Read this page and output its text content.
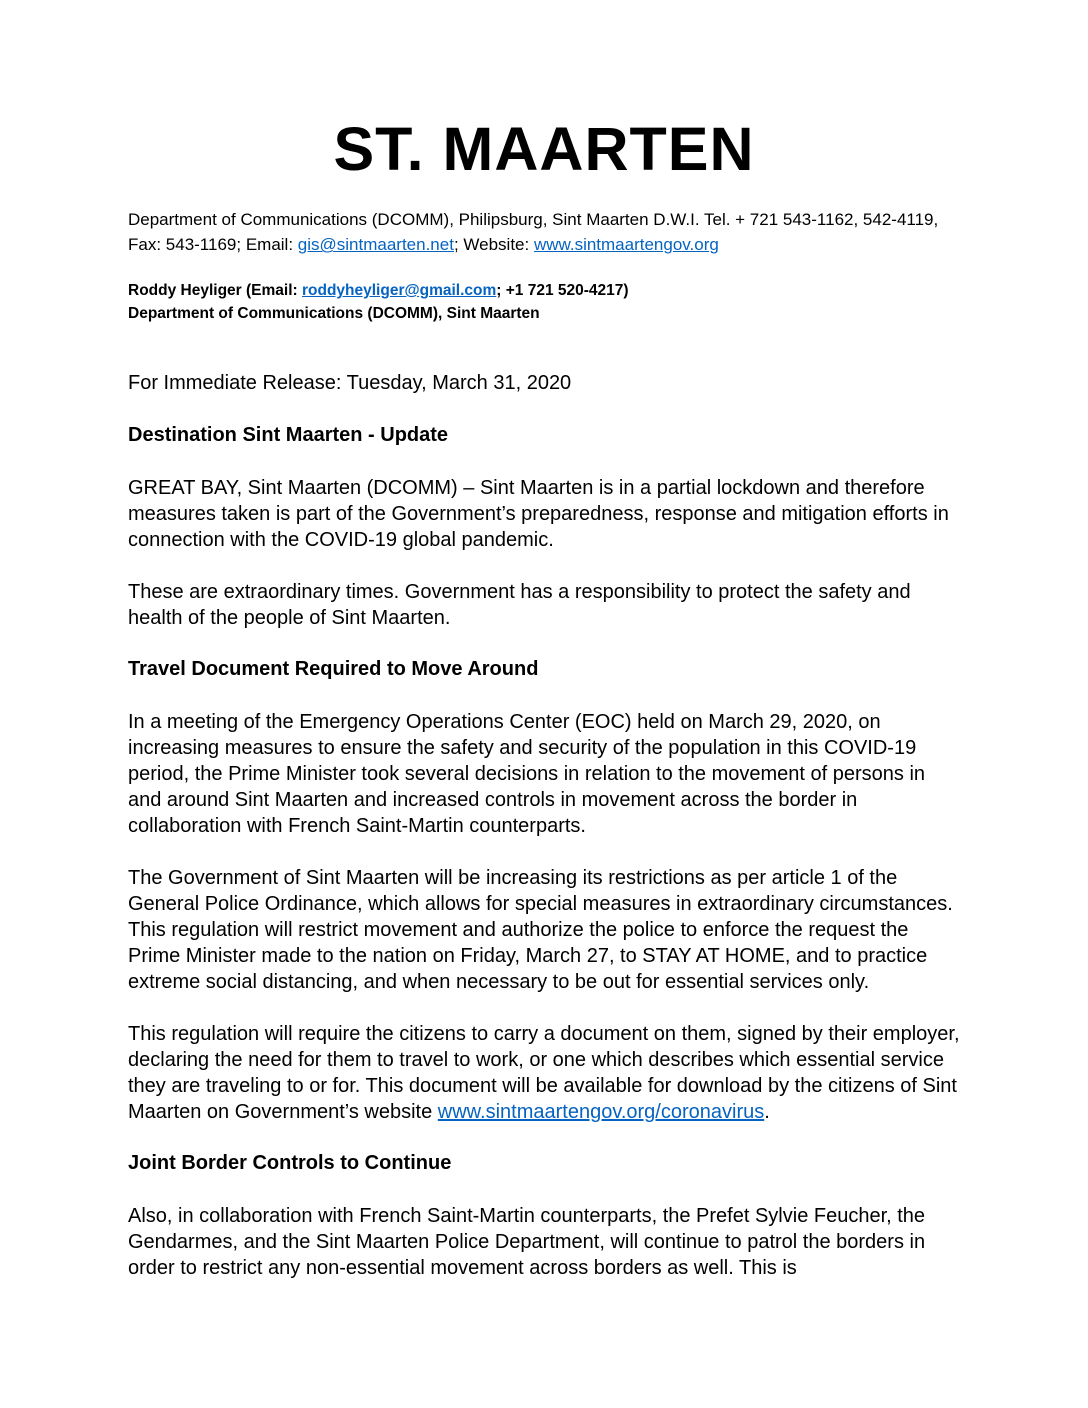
ST. MAARTEN

Department of Communications (DCOMM), Philipsburg, Sint Maarten D.W.I. Tel. + 721 543-1162, 542-4119, Fax: 543-1169; Email: gis@sintmaarten.net; Website: www.sintmaartengov.org

Roddy Heyliger (Email: roddyheyliger@gmail.com; +1 721 520-4217)
Department of Communications (DCOMM), Sint Maarten

For Immediate Release: Tuesday, March 31, 2020

Destination Sint Maarten - Update

GREAT BAY, Sint Maarten (DCOMM) – Sint Maarten is in a partial lockdown and therefore measures taken is part of the Government’s preparedness, response and mitigation efforts in connection with the COVID-19 global pandemic.

These are extraordinary times. Government has a responsibility to protect the safety and health of the people of Sint Maarten.

Travel Document Required to Move Around

In a meeting of the Emergency Operations Center (EOC) held on March 29, 2020, on increasing measures to ensure the safety and security of the population in this COVID-19 period, the Prime Minister took several decisions in relation to the movement of persons in and around Sint Maarten and increased controls in movement across the border in collaboration with French Saint-Martin counterparts.

The Government of Sint Maarten will be increasing its restrictions as per article 1 of the General Police Ordinance, which allows for special measures in extraordinary circumstances. This regulation will restrict movement and authorize the police to enforce the request the Prime Minister made to the nation on Friday, March 27, to STAY AT HOME, and to practice extreme social distancing, and when necessary to be out for essential services only.

This regulation will require the citizens to carry a document on them, signed by their employer, declaring the need for them to travel to work, or one which describes which essential service they are traveling to or for. This document will be available for download by the citizens of Sint Maarten on Government’s website www.sintmaartengov.org/coronavirus.

Joint Border Controls to Continue

Also, in collaboration with French Saint-Martin counterparts, the Prefet Sylvie Feucher, the Gendarmes, and the Sint Maarten Police Department, will continue to patrol the borders in order to restrict any non-essential movement across borders as well. This is
